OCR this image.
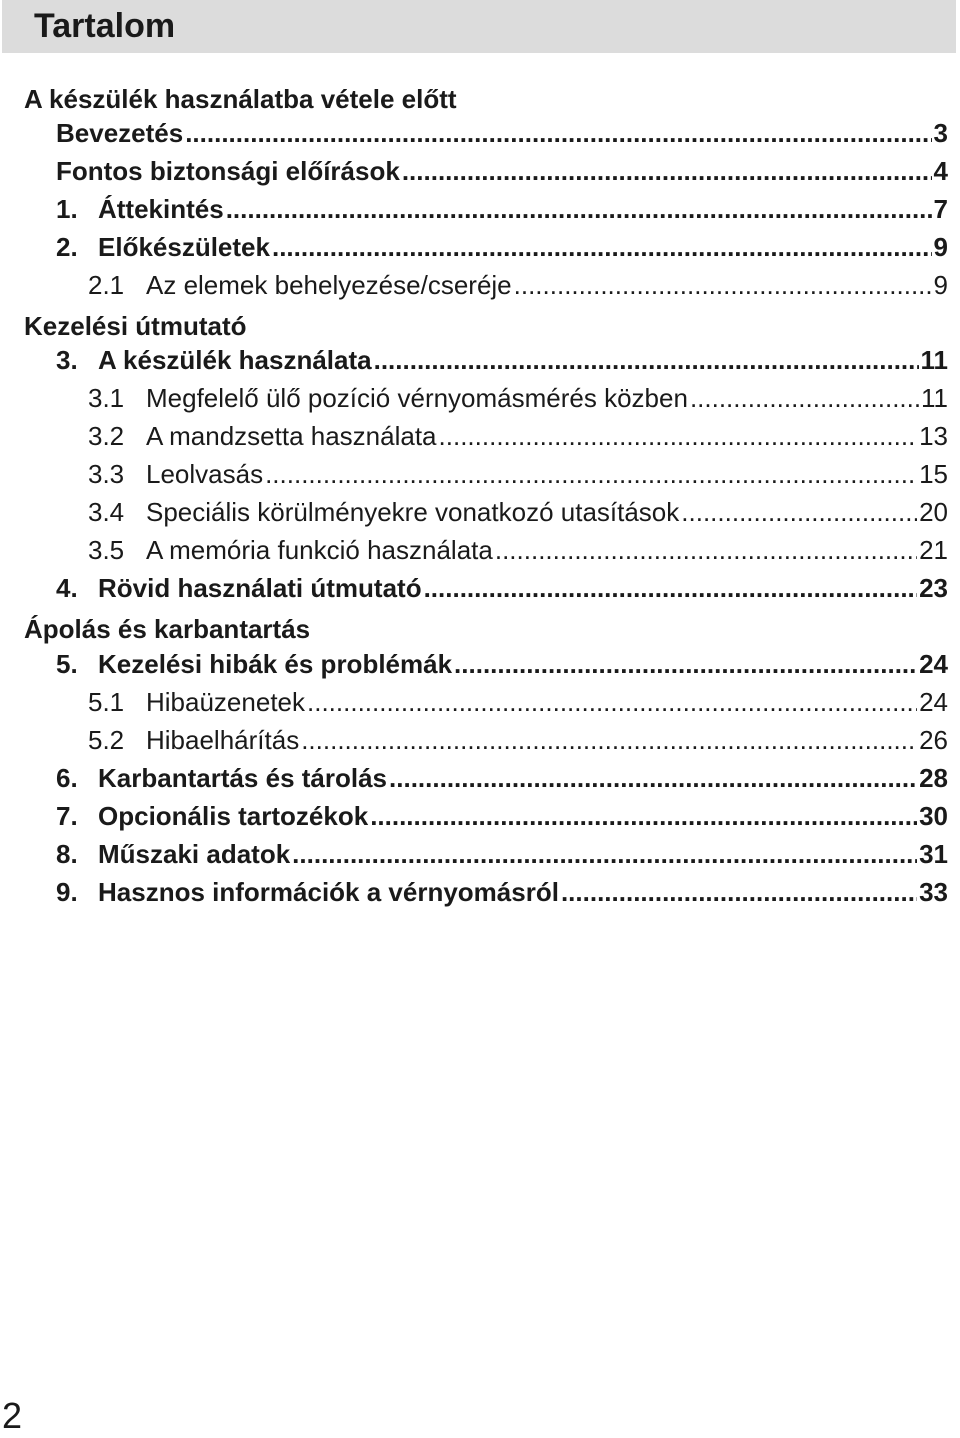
Tartalom
A készülék használatba vétele előtt
Kezelési útmutató
Ápolás és karbantartás
Bevezetés .....	3
Fontos biztonsági előírások .....	4
1. Áttekintés .....	7
2. Előkészületek .....	9
2.1 Az elemek behelyezése/cseréje .....	9
3. A készülék használata .....	11
3.1 Megfelelő ülő pozíció vérnyomásmérés közben .....	11
3.2 A mandzsetta használata .....	13
3.3 Leolvasás .....	15
3.4 Speciális körülményekre vonatkozó utasítások .....	20
3.5 A memória funkció használata .....	21
4. Rövid használati útmutató .....	23
5. Kezelési hibák és problémák .....	24
5.1 Hibaüzenetek .....	24
5.2 Hibaelhárítás .....	26
6. Karbantartás és tárolás .....	28
7. Opcionális tartozékok .....	30
8. Műszaki adatok .....	31
9. Hasznos információk a vérnyomásról .....	33
2
